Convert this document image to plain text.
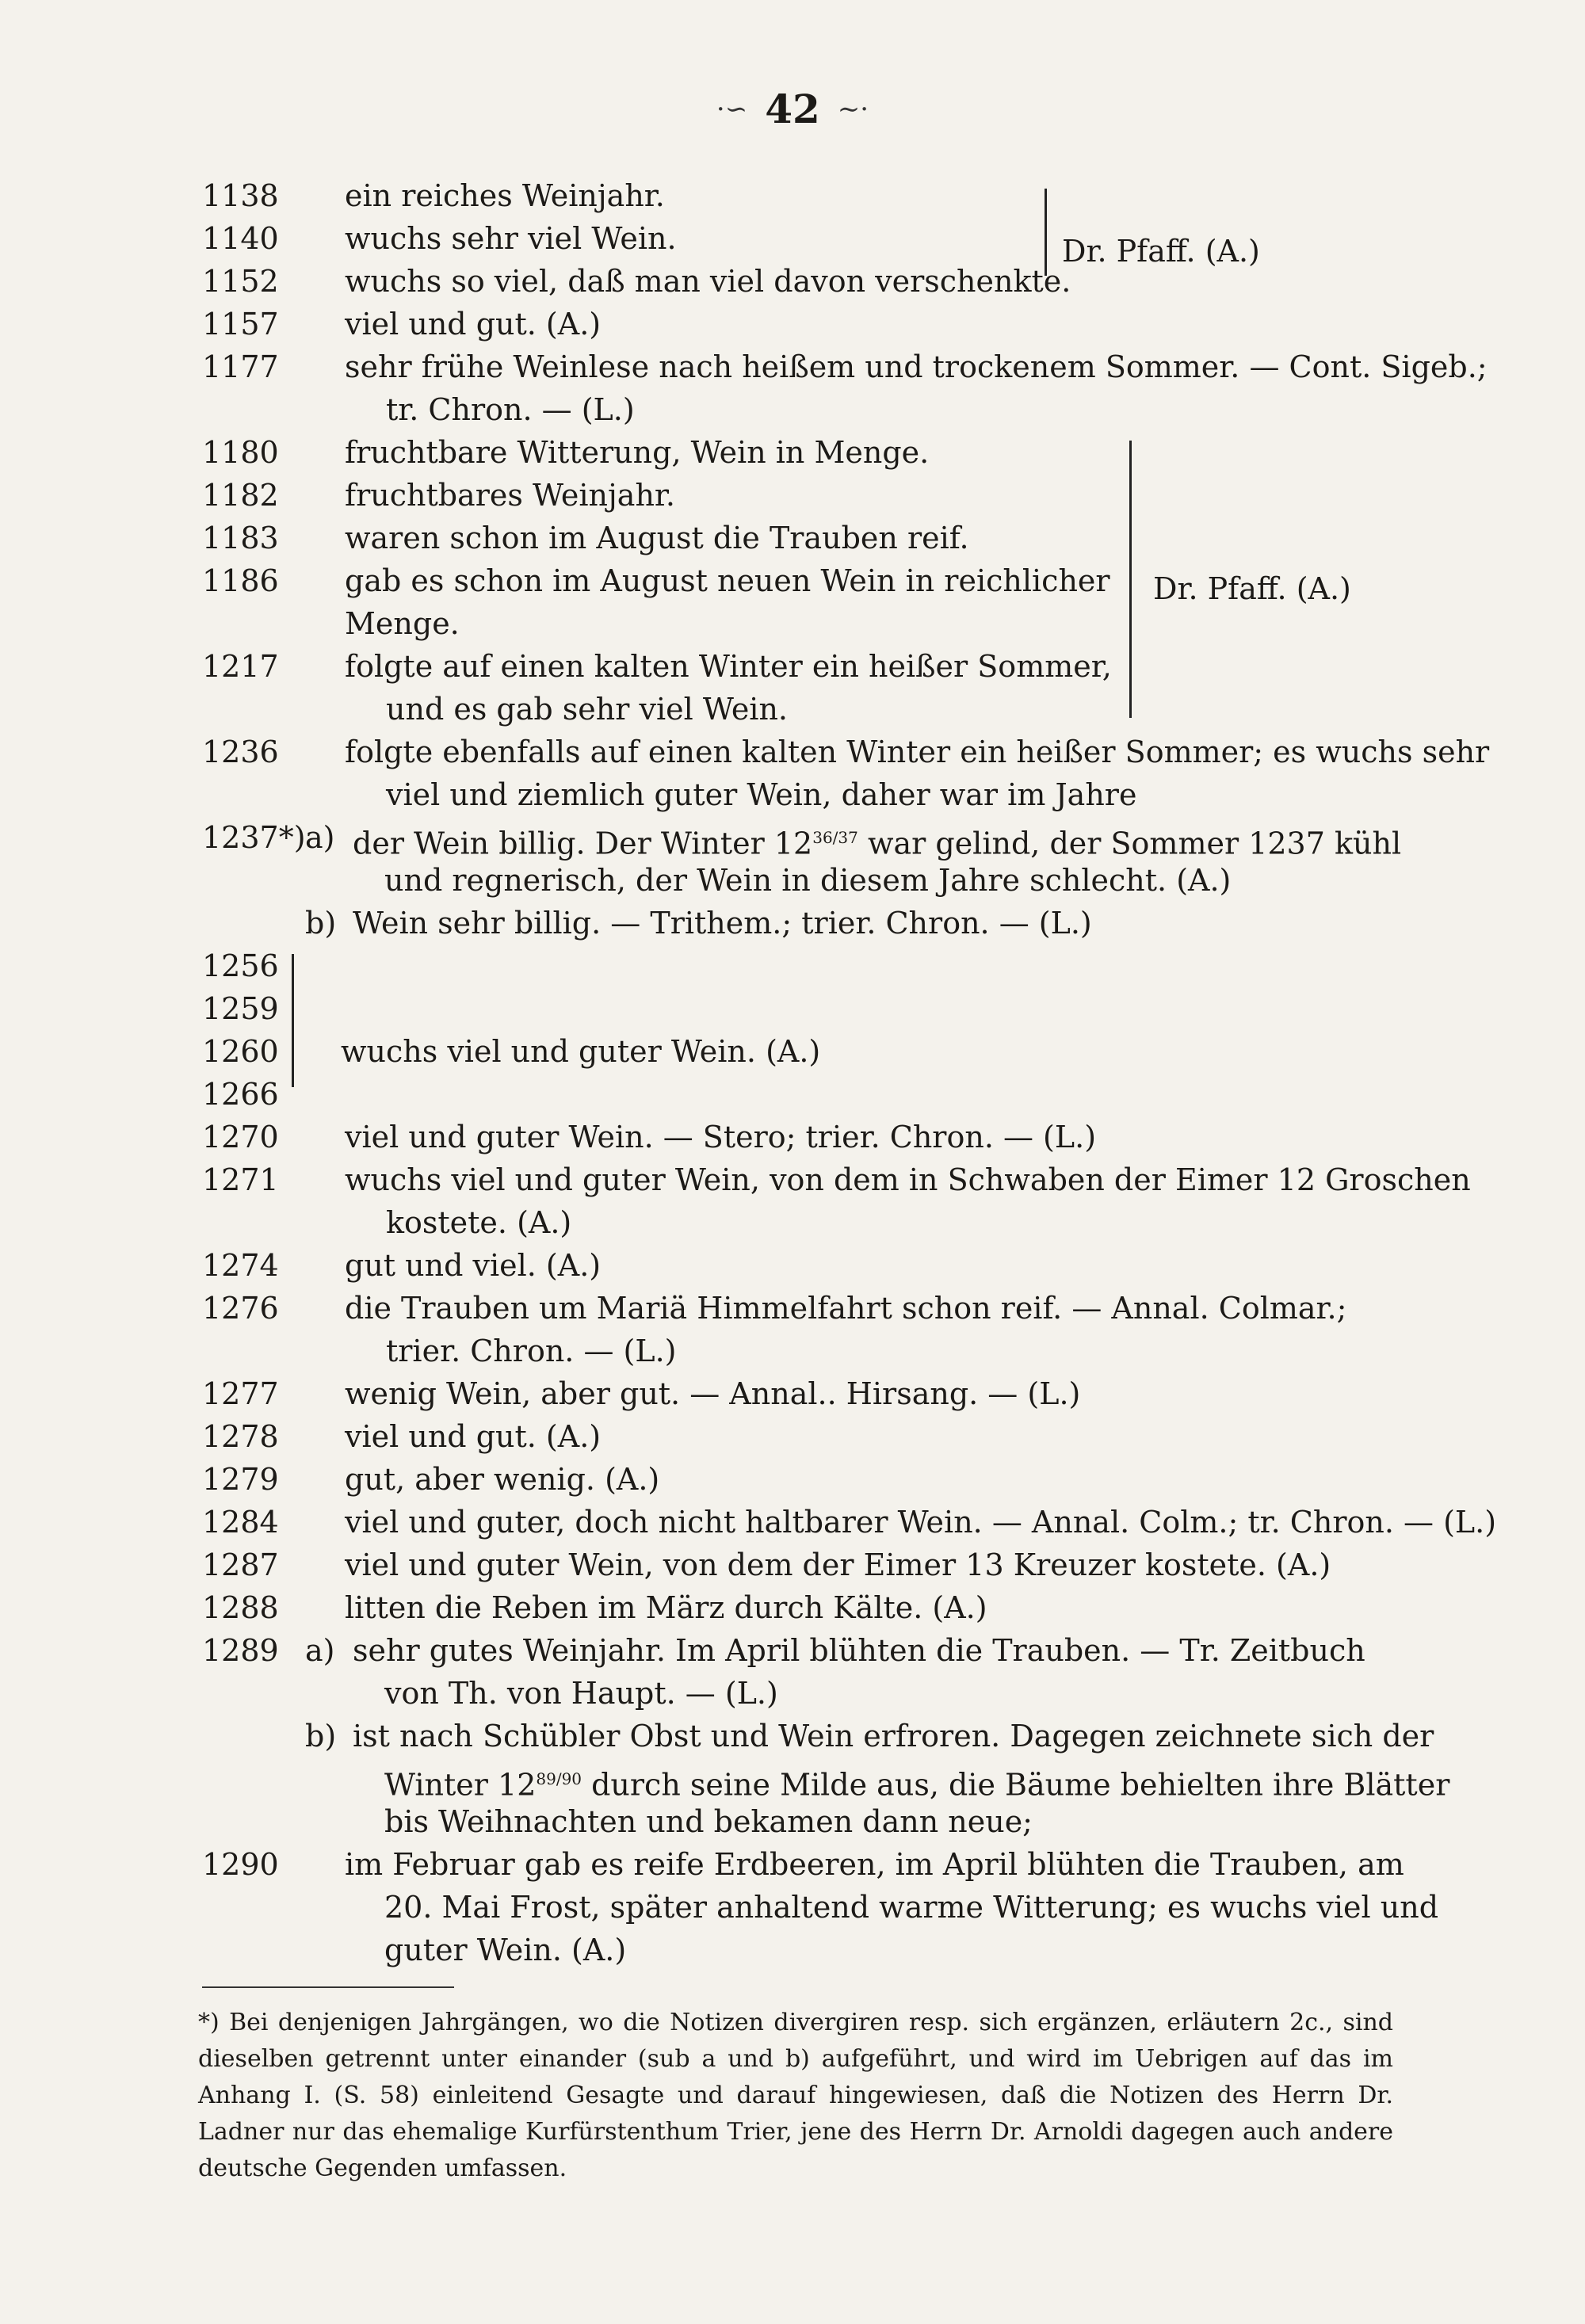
·∽ 42 ∼·
1138	ein reiches Weinjahr.
1140	wuchs sehr viel Wein.
1152	wuchs so viel, daß man viel davon verschenkte.
1157	viel und gut. (A.)
1177	sehr frühe Weinlese nach heißem und trockenem Sommer. — Cont. Sigeb.;
tr. Chron. — (L.)
1180	fruchtbare Witterung, Wein in Menge.
1182	fruchtbares Weinjahr.
1183	waren schon im August die Trauben reif.
1186	gab es schon im August neuen Wein in reichlicher
Menge.
1217	folgte auf einen kalten Winter ein heißer Sommer,
und es gab sehr viel Wein.
1236	folgte ebenfalls auf einen kalten Winter ein heißer Sommer; es wuchs sehr
viel und ziemlich guter Wein, daher war im Jahre
1237*) a) der Wein billig. Der Winter $12^{36/37}$ war gelind, der Sommer 1237 kühl
und regnerisch, der Wein in diesem Jahre schlecht. (A.)
b) Wein sehr billig. — Trithem.; trier. Chron. — (L.)
1256
1259
1260	wuchs viel und guter Wein. (A.)
1266
1270	viel und guter Wein. — Stero; trier. Chron. — (L.)
1271	wuchs viel und guter Wein, von dem in Schwaben der Eimer 12 Groschen
kostete. (A.)
1274	gut und viel. (A.)
1276	die Trauben um Mariä Himmelfahrt schon reif. — Annal. Colmar.;
trier. Chron. — (L.)
1277	wenig Wein, aber gut. — Annal.. Hirsang. — (L.)
1278	viel und gut. (A.)
1279	gut, aber wenig. (A.)
1284	viel und guter, doch nicht haltbarer Wein. — Annal. Colm.; tr. Chron. — (L.)
1287	viel und guter Wein, von dem der Eimer 13 Kreuzer kostete. (A.)
1288	litten die Reben im März durch Kälte. (A.)
1289 a) sehr gutes Weinjahr. Im April blühten die Trauben. — Tr. Zeitbuch
von Th. von Haupt. — (L.)
b) ist nach Schübler Obst und Wein erfroren. Dagegen zeichnete sich der
Winter $12^{89/90}$ durch seine Milde aus, die Bäume behielten ihre Blätter
bis Weihnachten und bekamen dann neue;
1290	im Februar gab es reife Erdbeeren, im April blühten die Trauben, am
20. Mai Frost, später anhaltend warme Witterung; es wuchs viel und
guter Wein. (A.)
Dr. Pfaff. (A.)
Dr. Pfaff. (A.)
*) Bei denjenigen Jahrgängen, wo die Notizen divergiren resp. sich ergänzen, erläutern 2c., sind dieselben getrennt unter einander (sub a und b) aufgeführt, und wird im Uebrigen auf das im Anhang I. (S. 58) einleitend Gesagte und darauf hingewiesen, daß die Notizen des Herrn Dr. Ladner nur das ehemalige Kurfürstenthum Trier, jene des Herrn Dr. Arnoldi dagegen auch andere deutsche Gegenden umfassen.
